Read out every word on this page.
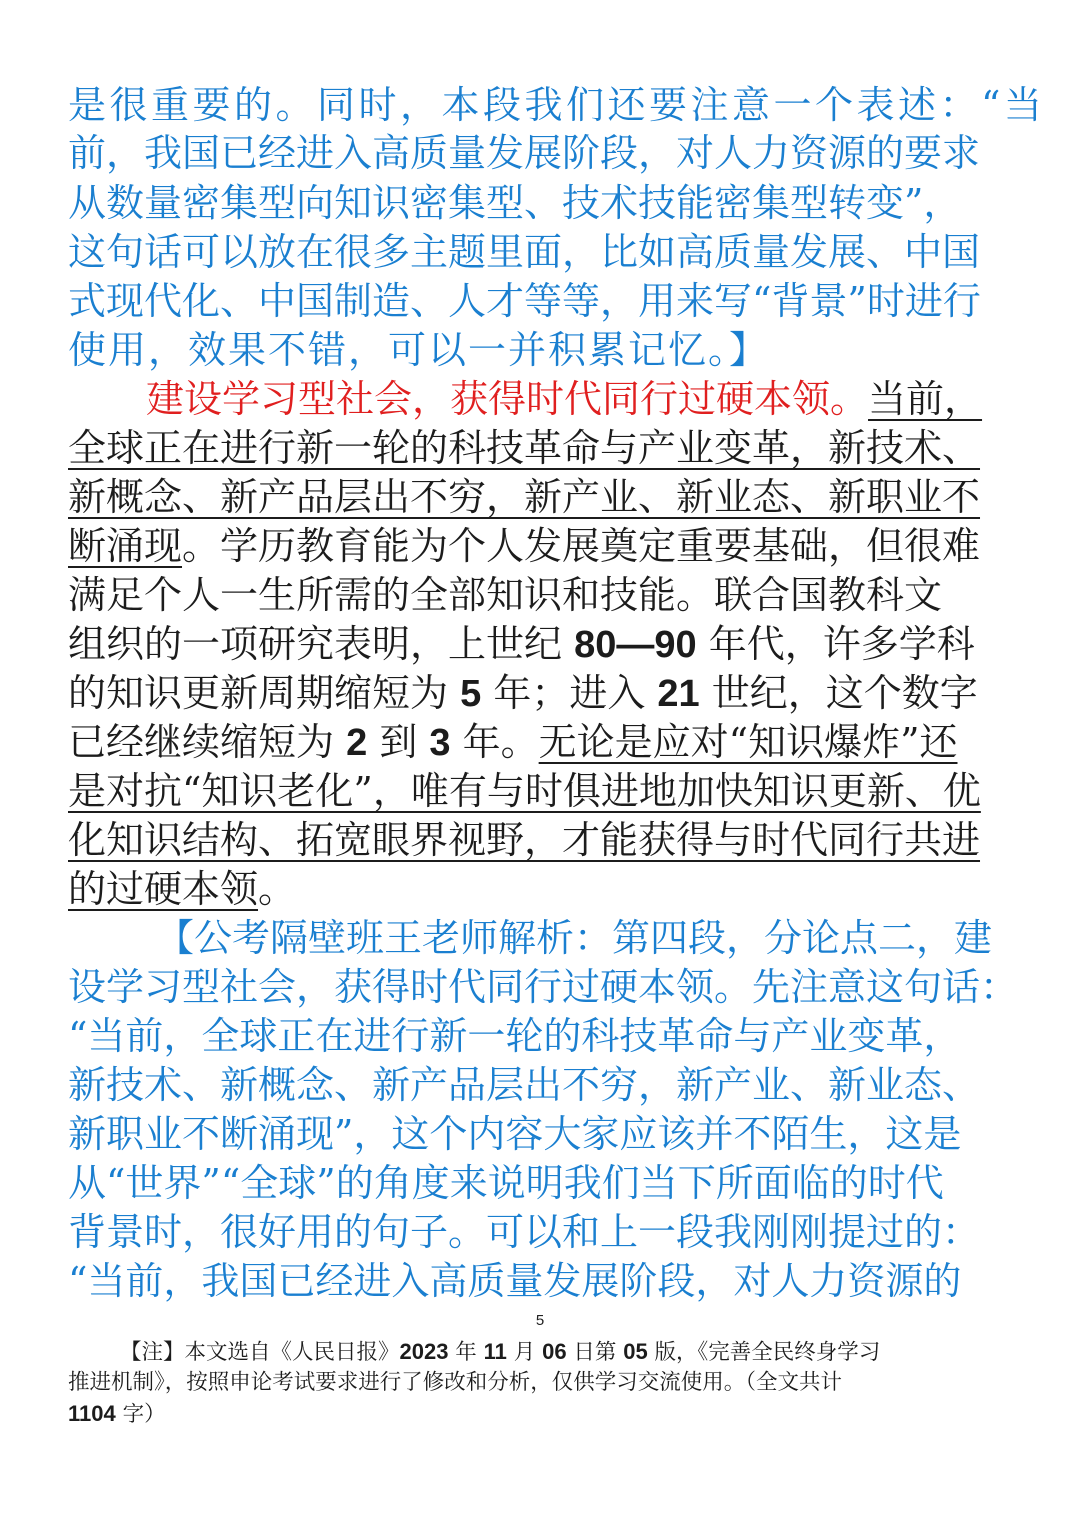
是很重要的。同时，本段我们还要注意一个表述：“当

前，我国已经进入高质量发展阶段，对人力资源的要求

从数量密集型向知识密集型、技术技能密集型转变”，

这句话可以放在很多主题里面，比如高质量发展、中国

式现代化、中国制造、人才等等，用来写“背景”时进行

使用，效果不错，可以一并积累记忆。】

建设学习型社会，获得时代同行过硬本领。当前，

全球正在进行新一轮的科技革命与产业变革，新技术、

新概念、新产品层出不穷，新产业、新业态、新职业不

断涌现。学历教育能为个人发展奠定重要基础，但很难

满足个人一生所需的全部知识和技能。联合国教科文

组织的一项研究表明，上世纪 80—90 年代，许多学科

的知识更新周期缩短为 5 年；进入 21 世纪，这个数字

已经继续缩短为 2 到 3 年。无论是应对“知识爆炸”还

是对抗“知识老化”，唯有与时俱进地加快知识更新、优

化知识结构、拓宽眼界视野，才能获得与时代同行共进

的过硬本领。

【公考隔壁班王老师解析：第四段，分论点二，建

设学习型社会，获得时代同行过硬本领。先注意这句话：

“当前，全球正在进行新一轮的科技革命与产业变革，

新技术、新概念、新产品层出不穷，新产业、新业态、

新职业不断涌现”，这个内容大家应该并不陌生，这是

从“世界”“全球”的角度来说明我们当下所面临的时代

背景时，很好用的句子。可以和上一段我刚刚提过的：

“当前，我国已经进入高质量发展阶段，对人力资源的

5
【注】本文选自《人民日报》2023 年 11 月 06 日第 05 版，《完善全民终身学习
推进机制》，按照申论考试要求进行了修改和分析，仅供学习交流使用。（全文共计
1104 字）
